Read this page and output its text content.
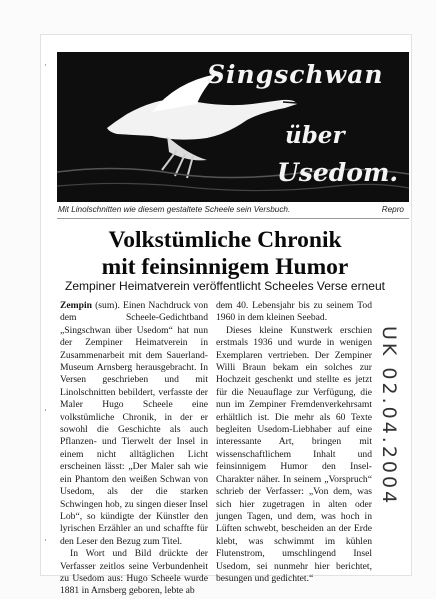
Singschwan
über
Usedom.
Mit Linolschnitten wie diesem gestaltete Scheele sein Versbuch.	Repro
Volkstümliche Chronik
mit feinsinnigem Humor
Zempiner Heimatverein veröffentlicht Scheeles Verse erneut

Zempin (sum). Einen Nachdruck von dem Scheele-Gedichtband „Singschwan über Usedom“ hat nun der Zempiner Heimatverein in Zusammenarbeit mit dem Sauerland-Museum Arnsberg herausgebracht. In Versen geschrieben und mit Linolschnitten bebildert, verfasste der Maler Hugo Scheele eine volkstümliche Chronik, in der er sowohl die Geschichte als auch Pflanzen- und Tierwelt der Insel in einem nicht alltäglichen Licht erscheinen lässt: „Der Maler sah wie ein Phantom den weißen Schwan von Usedom, als der die starken Schwingen hob, zu singen dieser Insel Lob“, so kündigte der Künstler den lyrischen Erzähler an und schaffte für den Leser den Bezug zum Titel.

In Wort und Bild drückte der Verfasser zeitlos seine Verbundenheit zu Usedom aus: Hugo Scheele wurde 1881 in Arnsberg geboren, lebte ab

dem 40. Lebensjahr bis zu seinem Tod 1960 in dem kleinen Seebad.

Dieses kleine Kunstwerk erschien erstmals 1936 und wurde in wenigen Exemplaren vertrieben. Der Zempiner Willi Braun bekam ein solches zur Hochzeit geschenkt und stellte es jetzt für die Neuauflage zur Verfügung, die nun im Zempiner Fremdenverkehrsamt erhältlich ist. Die mehr als 60 Texte begleiten Usedom-Liebhaber auf eine interessante Art, bringen mit wissenschaftlichem Inhalt und feinsinnigem Humor den Insel-Charakter näher. In seinem „Vorspruch“ schrieb der Verfasser: „Von dem, was sich hier zugetragen in alten oder jungen Tagen, und dem, was hoch in Lüften schwebt, bescheiden an der Erde klebt, was schwimmt im kühlen Flutenstrom, umschlingend Insel Usedom, sei nunmehr hier berichtet, besungen und gedichtet.“

UK 02.04.2004
·
·
·
